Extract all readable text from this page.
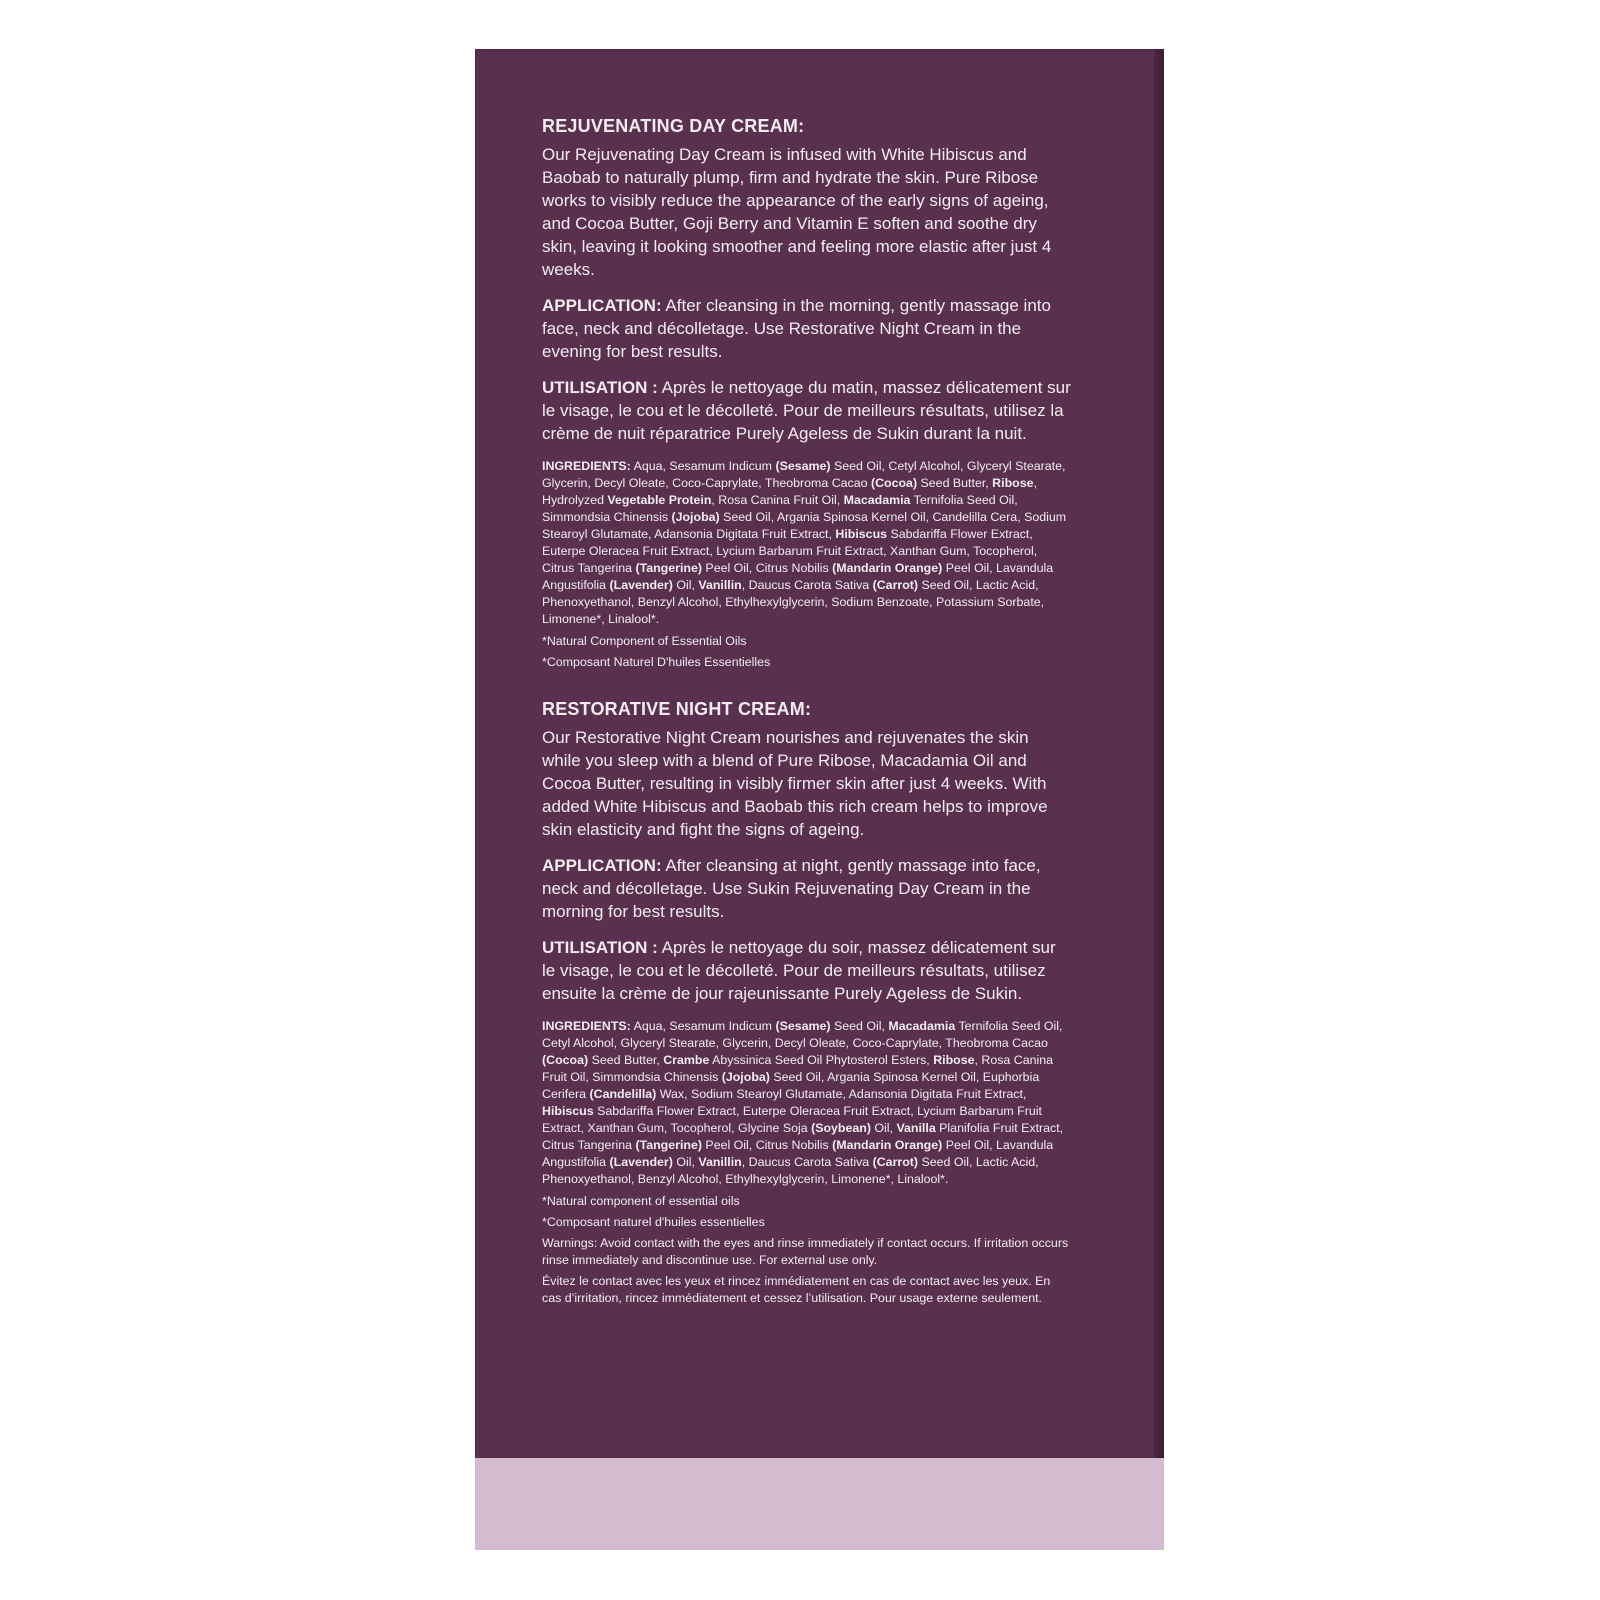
REJUVENATING DAY CREAM:
Our Rejuvenating Day Cream is infused with White Hibiscus and Baobab to naturally plump, firm and hydrate the skin. Pure Ribose works to visibly reduce the appearance of the early signs of ageing, and Cocoa Butter, Goji Berry and Vitamin E soften and soothe dry skin, leaving it looking smoother and feeling more elastic after just 4 weeks.
APPLICATION: After cleansing in the morning, gently massage into face, neck and décolletage. Use Restorative Night Cream in the evening for best results.
UTILISATION : Après le nettoyage du matin, massez délicatement sur le visage, le cou et le décolleté. Pour de meilleurs résultats, utilisez la crème de nuit réparatrice Purely Ageless de Sukin durant la nuit.
INGREDIENTS: Aqua, Sesamum Indicum (Sesame) Seed Oil, Cetyl Alcohol, Glyceryl Stearate, Glycerin, Decyl Oleate, Coco-Caprylate, Theobroma Cacao (Cocoa) Seed Butter, Ribose, Hydrolyzed Vegetable Protein, Rosa Canina Fruit Oil, Macadamia Ternifolia Seed Oil, Simmondsia Chinensis (Jojoba) Seed Oil, Argania Spinosa Kernel Oil, Candelilla Cera, Sodium Stearoyl Glutamate, Adansonia Digitata Fruit Extract, Hibiscus Sabdariffa Flower Extract, Euterpe Oleracea Fruit Extract, Lycium Barbarum Fruit Extract, Xanthan Gum, Tocopherol, Citrus Tangerina (Tangerine) Peel Oil, Citrus Nobilis (Mandarin Orange) Peel Oil, Lavandula Angustifolia (Lavender) Oil, Vanillin, Daucus Carota Sativa (Carrot) Seed Oil, Lactic Acid, Phenoxyethanol, Benzyl Alcohol, Ethylhexylglycerin, Sodium Benzoate, Potassium Sorbate, Limonene*, Linalool*.
*Natural Component of Essential Oils
*Composant Naturel D'huiles Essentielles
RESTORATIVE NIGHT CREAM:
Our Restorative Night Cream nourishes and rejuvenates the skin while you sleep with a blend of Pure Ribose, Macadamia Oil and Cocoa Butter, resulting in visibly firmer skin after just 4 weeks. With added White Hibiscus and Baobab this rich cream helps to improve skin elasticity and fight the signs of ageing.
APPLICATION: After cleansing at night, gently massage into face, neck and décolletage. Use Sukin Rejuvenating Day Cream in the morning for best results.
UTILISATION : Après le nettoyage du soir, massez délicatement sur le visage, le cou et le décolleté. Pour de meilleurs résultats, utilisez ensuite la crème de jour rajeunissante Purely Ageless de Sukin.
INGREDIENTS: Aqua, Sesamum Indicum (Sesame) Seed Oil, Macadamia Ternifolia Seed Oil, Cetyl Alcohol, Glyceryl Stearate, Glycerin, Decyl Oleate, Coco-Caprylate, Theobroma Cacao (Cocoa) Seed Butter, Crambe Abyssinica Seed Oil Phytosterol Esters, Ribose, Rosa Canina Fruit Oil, Simmondsia Chinensis (Jojoba) Seed Oil, Argania Spinosa Kernel Oil, Euphorbia Cerifera (Candelilla) Wax, Sodium Stearoyl Glutamate, Adansonia Digitata Fruit Extract, Hibiscus Sabdariffa Flower Extract, Euterpe Oleracea Fruit Extract, Lycium Barbarum Fruit Extract, Xanthan Gum, Tocopherol, Glycine Soja (Soybean) Oil, Vanilla Planifolia Fruit Extract, Citrus Tangerina (Tangerine) Peel Oil, Citrus Nobilis (Mandarin Orange) Peel Oil, Lavandula Angustifolia (Lavender) Oil, Vanillin, Daucus Carota Sativa (Carrot) Seed Oil, Lactic Acid, Phenoxyethanol, Benzyl Alcohol, Ethylhexylglycerin, Limonene*, Linalool*.
*Natural component of essential oils
*Composant naturel d'huiles essentielles
Warnings: Avoid contact with the eyes and rinse immediately if contact occurs. If irritation occurs rinse immediately and discontinue use. For external use only.
Évitez le contact avec les yeux et rincez immédiatement en cas de contact avec les yeux. En cas d’irritation, rincez immédiatement et cessez l’utilisation. Pour usage externe seulement.
